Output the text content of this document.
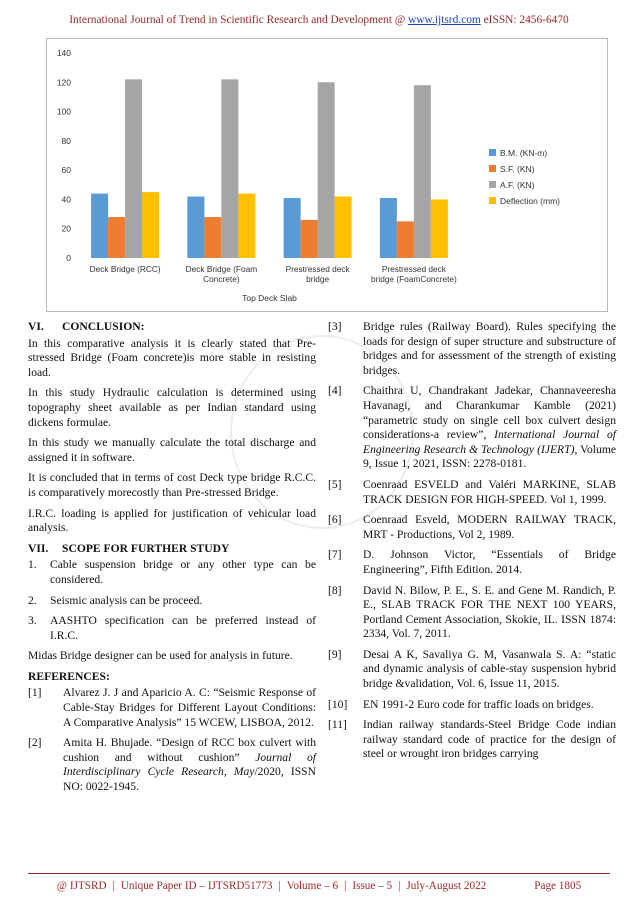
International Journal of Trend in Scientific Research and Development @ www.ijtsrd.com eISSN: 2456-6470
0
20
40
60
80
100
120
140
Deck Bridge (RCC)	Deck Bridge (Foam
Concrete)
Prestressed deck
bridge
Prestressed deck
bridge (FoamConcrete)
Top Deck Slab
B.M. (KN-m)
S.F. (KN)
A.F. (KN)
Deflection (mm)
VI. CONCLUSION:

In this comparative analysis it is clearly stated that Pre-stressed Bridge (Foam concrete)is more stable in resisting load.

In this study Hydraulic calculation is determined using topography sheet available as per Indian standard using dickens formulae.

In this study we manually calculate the total discharge and assigned it in software.

It is concluded that in terms of cost Deck type bridge R.C.C. is comparatively morecostly than Pre-stressed Bridge.

I.R.C. loading is applied for justification of vehicular load analysis.

VII. SCOPE FOR FURTHER STUDY
1. Cable suspension bridge or any other type can be considered.
2. Seismic analysis can be proceed.
3. AASHTO specification can be preferred instead of I.R.C.

Midas Bridge designer can be used for analysis in future.

REFERENCES:
[1] Alvarez J. J and Aparicio A. C: “Seismic Response of Cable-Stay Bridges for Different Layout Conditions: A Comparative Analysis” 15 WCEW, LISBOA, 2012.
[2] Amita H. Bhujade. “Design of RCC box culvert with cushion and without cushion” Journal of Interdisciplinary Cycle Research, May/2020, ISSN NO: 0022-1945.
[3] Bridge rules (Railway Board). Rules specifying the loads for design of super structure and substructure of bridges and for assessment of the strength of existing bridges.
[4] Chaithra U, Chandrakant Jadekar, Channaveeresha Havanagi, and Charankumar Kamble (2021) “parametric study on single cell box culvert design considerations-a review”, International Journal of Engineering Research & Technology (IJERT), Volume 9, Issue 1, 2021, ISSN: 2278-0181.
[5] Coenraad ESVELD and Valéri MARKINE, SLAB TRACK DESIGN FOR HIGH-SPEED. Vol 1, 1999.
[6] Coenraad Esveld, MODERN RAILWAY TRACK, MRT - Productions, Vol 2, 1989.
[7] D. Johnson Victor, “Essentials of Bridge Engineering”, Fifth Edition. 2014.
[8] David N. Bilow, P. E., S. E. and Gene M. Randich, P. E., SLAB TRACK FOR THE NEXT 100 YEARS, Portland Cement Association, Skokie, IL. ISSN 1874: 2334, Vol. 7, 2011.
[9] Desai A K, Savaliya G. M, Vasanwala S. A: “static and dynamic analysis of cable-stay suspension hybrid bridge &validation, Vol. 6, Issue 11, 2015.
[10] EN 1991-2 Euro code for traffic loads on bridges.
[11] Indian railway standards-Steel Bridge Code indian railway standard code of practice for the design of steel or wrought iron bridges carrying
@ IJTSRD | Unique Paper ID – IJTSRD51773 | Volume – 6 | Issue – 5 | July-August 2022	Page 1805
